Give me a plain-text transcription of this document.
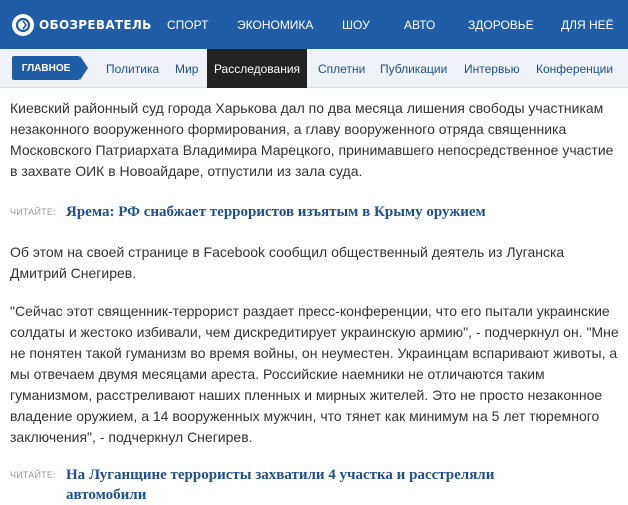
ОБОЗРЕВАТЕЛЬ СПОРТ ЭКОНОМИКА ШОУ	АВТО	ЗДОРОВЬЕ ДЛЯ НЕЁ
ГЛАВНОЕ	Политика Мир	Расследования	Сплетни Публикации Интервью Конференции

Киевский районный суд города Харькова дал по два месяца лишения свободы участникам незаконного вооруженного формирования, а главу вооруженного отряда священника Московского Патриархата Владимира Марецкого, принимавшего непосредственное участие в захвате ОИК в Новоайдаре, отпустили из зала суда.

ЧИТАЙТЕ: Ярема: РФ снабжает террористов изъятым в Крыму оружием

Об этом на своей странице в Facebook сообщил общественный деятель из Луганска Дмитрий Снегирев.

"Сейчас этот священник-террорист раздает пресс-конференции, что его пытали украинские солдаты и жестоко избивали, чем дискредитирует украинскую армию", - подчеркнул он. "Мне не понятен такой гуманизм во время войны, он неуместен. Украинцам вспаривают животы, а мы отвечаем двумя месяцами ареста. Российские наемники не отличаются таким гуманизмом, расстреливают наших пленных и мирных жителей. Это не просто незаконное владение оружием, а 14 вооруженных мужчин, что тянет как минимум на 5 лет тюремного заключения", - подчеркнул Снегирев.

ЧИТАЙТЕ: На Луганщине террористы захватили 4 участка и расстреляли автомобили
